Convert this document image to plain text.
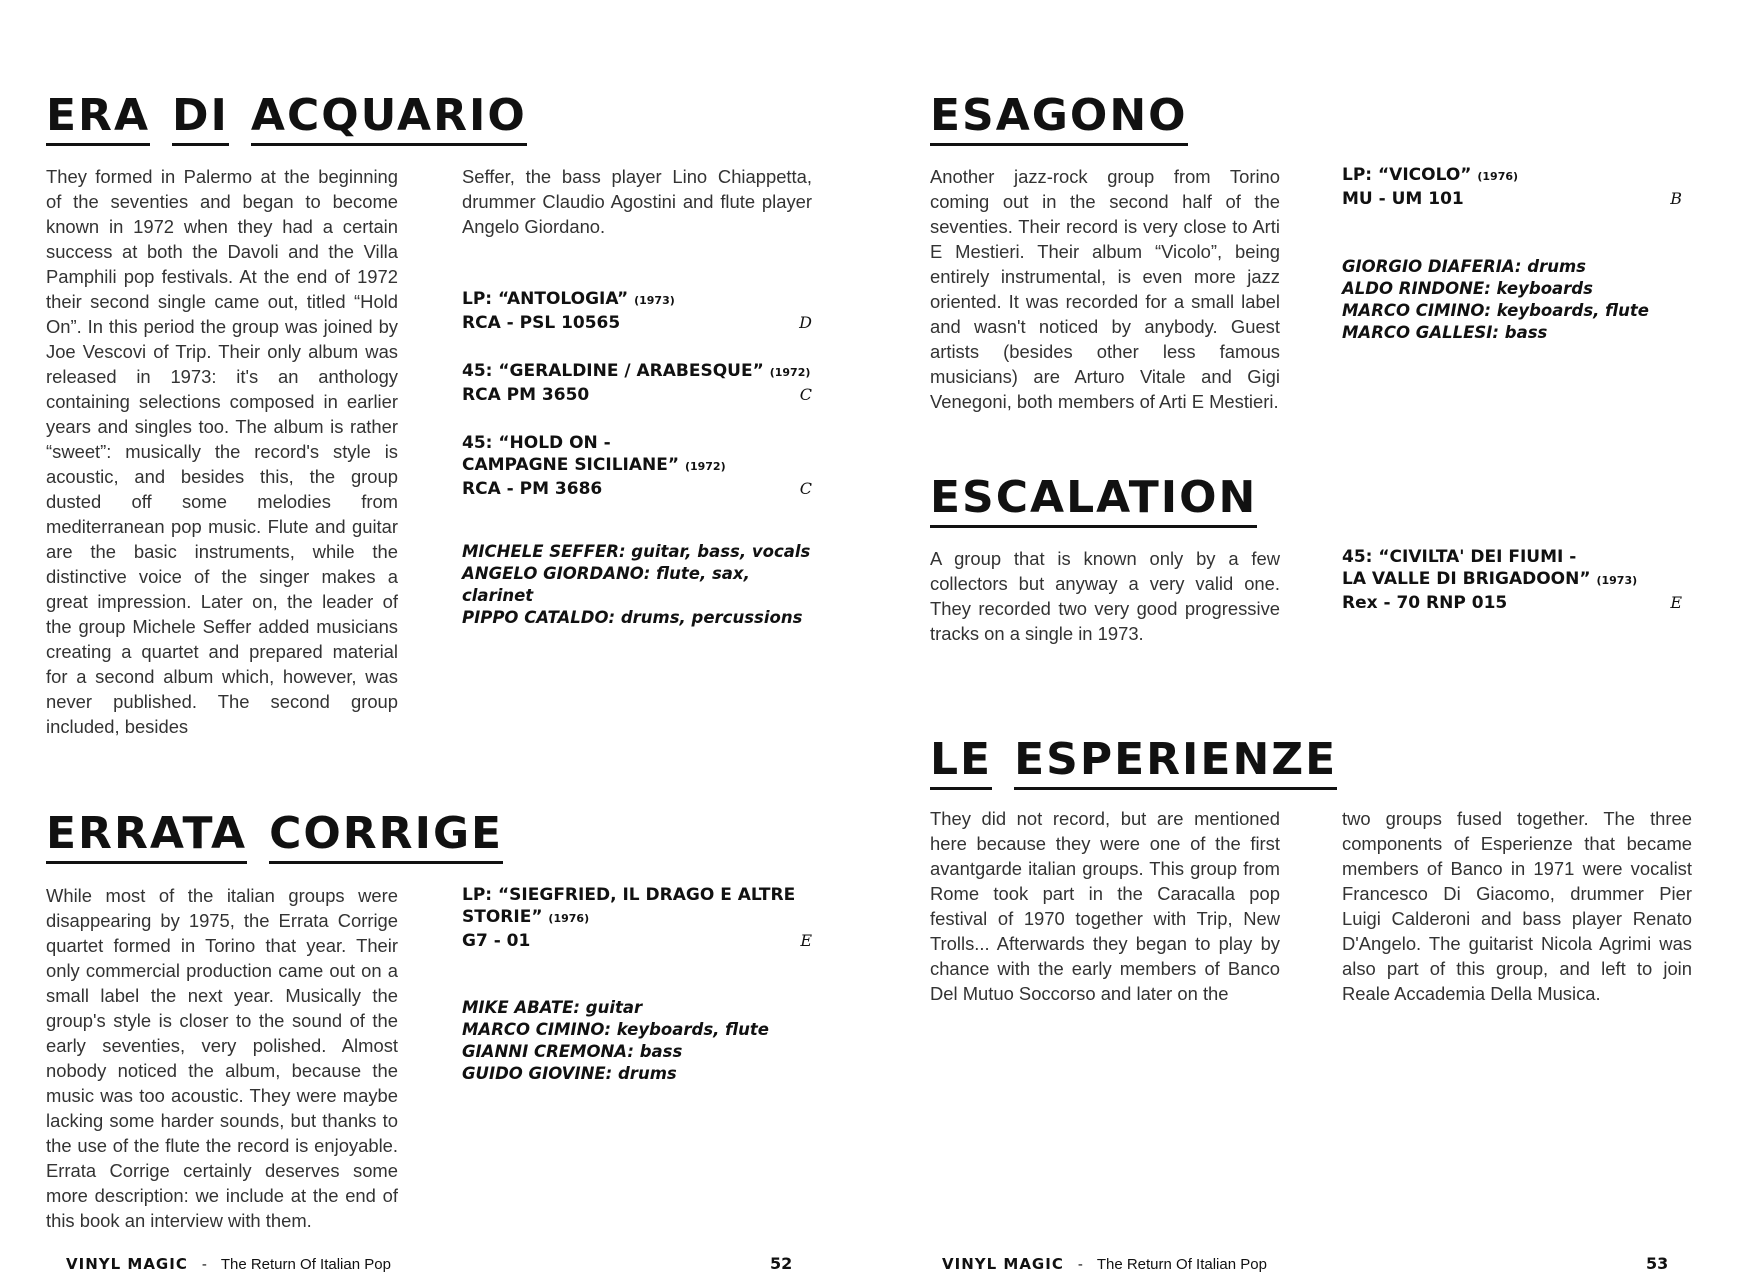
ERA DI ACQUARIO
They formed in Palermo at the beginning of the seventies and began to become known in 1972 when they had a certain success at both the Davoli and the Villa Pamphili pop festivals. At the end of 1972 their second single came out, titled “Hold On”. In this period the group was joined by Joe Vescovi of Trip. Their only album was released in 1973: it's an anthology containing selections composed in earlier years and singles too. The album is rather “sweet”: musically the record's style is acoustic, and besides this, the group dusted off some melodies from mediterranean pop music. Flute and guitar are the basic instruments, while the distinctive voice of the singer makes a great impression. Later on, the leader of the group Michele Seffer added musicians creating a quartet and prepared material for a second album which, however, was never published. The second group included, besides
Seffer, the bass player Lino Chiappetta, drummer Claudio Agostini and flute player Angelo Giordano.
LP: “ANTOLOGIA” (1973)
RCA - PSL 10565	D
45: “GERALDINE / ARABESQUE” (1972)
RCA PM 3650	C
45: “HOLD ON -
CAMPAGNE SICILIANE” (1972)
RCA - PM 3686	C
MICHELE SEFFER: guitar, bass, vocals
ANGELO GIORDANO: flute, sax, clarinet
PIPPO CATALDO: drums, percussions
ERRATA CORRIGE
While most of the italian groups were disappearing by 1975, the Errata Corrige quartet formed in Torino that year. Their only commercial production came out on a small label the next year. Musically the group's style is closer to the sound of the early seventies, very polished. Almost nobody noticed the album, because the music was too acoustic. They were maybe lacking some harder sounds, but thanks to the use of the flute the record is enjoyable. Errata Corrige certainly deserves some more description: we include at the end of this book an interview with them.
LP: “SIEGFRIED, IL DRAGO E ALTRE
STORIE” (1976)
G7 - 01	E
MIKE ABATE: guitar
MARCO CIMINO: keyboards, flute
GIANNI CREMONA: bass
GUIDO GIOVINE: drums
VINYL MAGIC - The Return Of Italian Pop	52
ESAGONO
Another jazz-rock group from Torino coming out in the second half of the seventies. Their record is very close to Arti E Mestieri. Their album “Vicolo”, being entirely instrumental, is even more jazz oriented. It was recorded for a small label and wasn't noticed by anybody. Guest artists (besides other less famous musicians) are Arturo Vitale and Gigi Venegoni, both members of Arti E Mestieri.
LP: “VICOLO” (1976)
MU - UM 101	B
GIORGIO DIAFERIA: drums
ALDO RINDONE: keyboards
MARCO CIMINO: keyboards, flute
MARCO GALLESI: bass
ESCALATION
A group that is known only by a few collectors but anyway a very valid one. They recorded two very good progressive tracks on a single in 1973.
45: “CIVILTA' DEI FIUMI -
LA VALLE DI BRIGADOON” (1973)
Rex - 70 RNP 015	E
LE ESPERIENZE
They did not record, but are mentioned here because they were one of the first avantgarde italian groups. This group from Rome took part in the Caracalla pop festival of 1970 together with Trip, New Trolls... Afterwards they began to play by chance with the early members of Banco Del Mutuo Soccorso and later on the
two groups fused together. The three components of Esperienze that became members of Banco in 1971 were vocalist Francesco Di Giacomo, drummer Pier Luigi Calderoni and bass player Renato D'Angelo. The guitarist Nicola Agrimi was also part of this group, and left to join Reale Accademia Della Musica.
VINYL MAGIC - The Return Of Italian Pop	53
